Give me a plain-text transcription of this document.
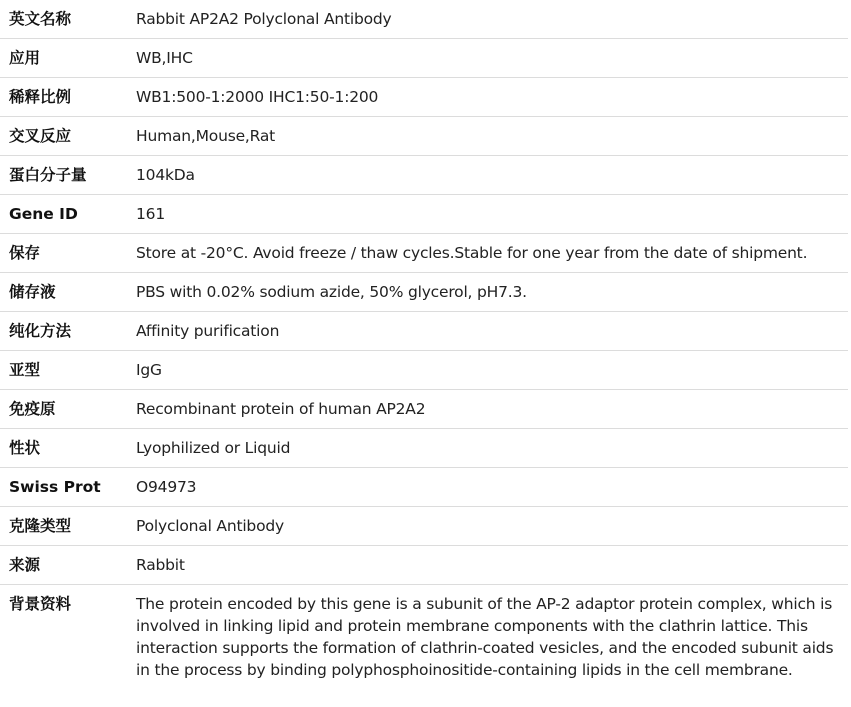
英文名称	Rabbit AP2A2 Polyclonal Antibody
应用	WB,IHC
稀释比例	WB1:500-1:2000 IHC1:50-1:200
交叉反应	Human,Mouse,Rat
蛋白分子量	104kDa
Gene ID	161
保存	Store at -20°C. Avoid freeze / thaw cycles.Stable for one year from the date of shipment.
储存液	PBS with 0.02% sodium azide, 50% glycerol, pH7.3.
纯化方法	Affinity purification
亚型	IgG
免疫原	Recombinant protein of human AP2A2
性状	Lyophilized or Liquid
Swiss Prot	O94973
克隆类型	Polyclonal Antibody
来源	Rabbit
背景资料	The protein encoded by this gene is a subunit of the AP-2 adaptor protein complex, which is involved in linking lipid and protein membrane components with the clathrin lattice. This interaction supports the formation of clathrin-coated vesicles, and the encoded subunit aids in the process by binding polyphosphoinositide-containing lipids in the cell membrane.
